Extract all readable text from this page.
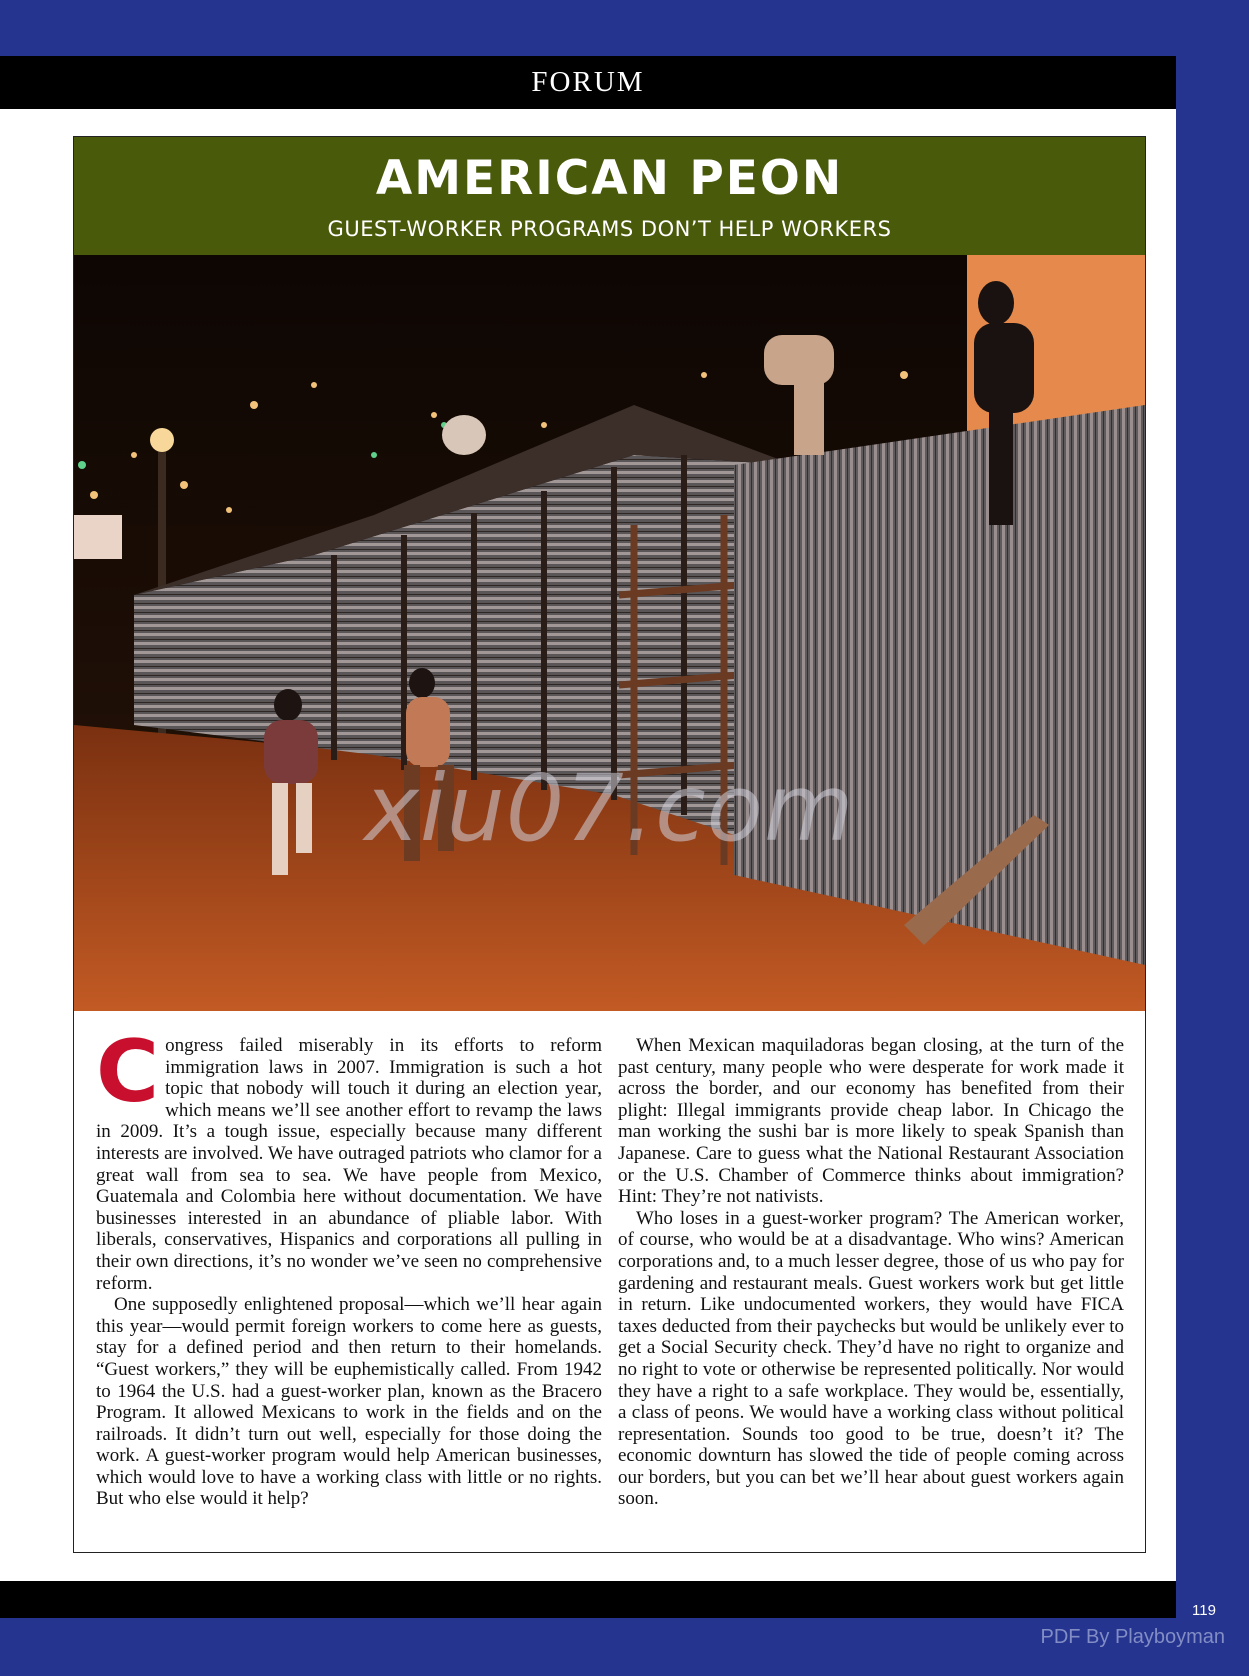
FORUM
AMERICAN PEON
GUEST-WORKER PROGRAMS DON’T HELP WORKERS
xiu07.com

Congress failed miserably in its efforts to reform immigration laws in 2007. Immigration is such a hot topic that nobody will touch it during an election year, which means we’ll see another effort to revamp the laws in 2009. It’s a tough issue, especially because many different interests are involved. We have outraged patriots who clamor for a great wall from sea to sea. We have people from Mexico, Guatemala and Colombia here without documentation. We have businesses interested in an abundance of pliable labor. With liberals, conservatives, Hispanics and corporations all pulling in their own directions, it’s no wonder we’ve seen no comprehensive reform.

One supposedly enlightened proposal—which we’ll hear again this year—would permit foreign workers to come here as guests, stay for a defined period and then return to their homelands. “Guest workers,” they will be euphemistically called. From 1942 to 1964 the U.S. had a guest-worker plan, known as the Bracero Program. It allowed Mexicans to work in the fields and on the railroads. It didn’t turn out well, especially for those doing the work. A guest-worker program would help American businesses, which would love to have a working class with little or no rights. But who else would it help?

When Mexican maquiladoras began closing, at the turn of the past century, many people who were desperate for work made it across the border, and our economy has benefited from their plight: Illegal immigrants provide cheap labor. In Chicago the man working the sushi bar is more likely to speak Spanish than Japanese. Care to guess what the National Restaurant Association or the U.S. Chamber of Commerce thinks about immigration? Hint: They’re not nativists.

Who loses in a guest-worker program? The American worker, of course, who would be at a disadvantage. Who wins? American corporations and, to a much lesser degree, those of us who pay for gardening and restaurant meals. Guest workers work but get little in return. Like undocumented workers, they would have FICA taxes deducted from their paychecks but would be unlikely ever to get a Social Security check. They’d have no right to organize and no right to vote or otherwise be represented politically. Nor would they have a right to a safe workplace. They would be, essentially, a class of peons. We would have a working class without political representation. Sounds too good to be true, doesn’t it? The economic downturn has slowed the tide of people coming across our borders, but you can bet we’ll hear about guest workers again soon.

119
PDF By Playboyman
